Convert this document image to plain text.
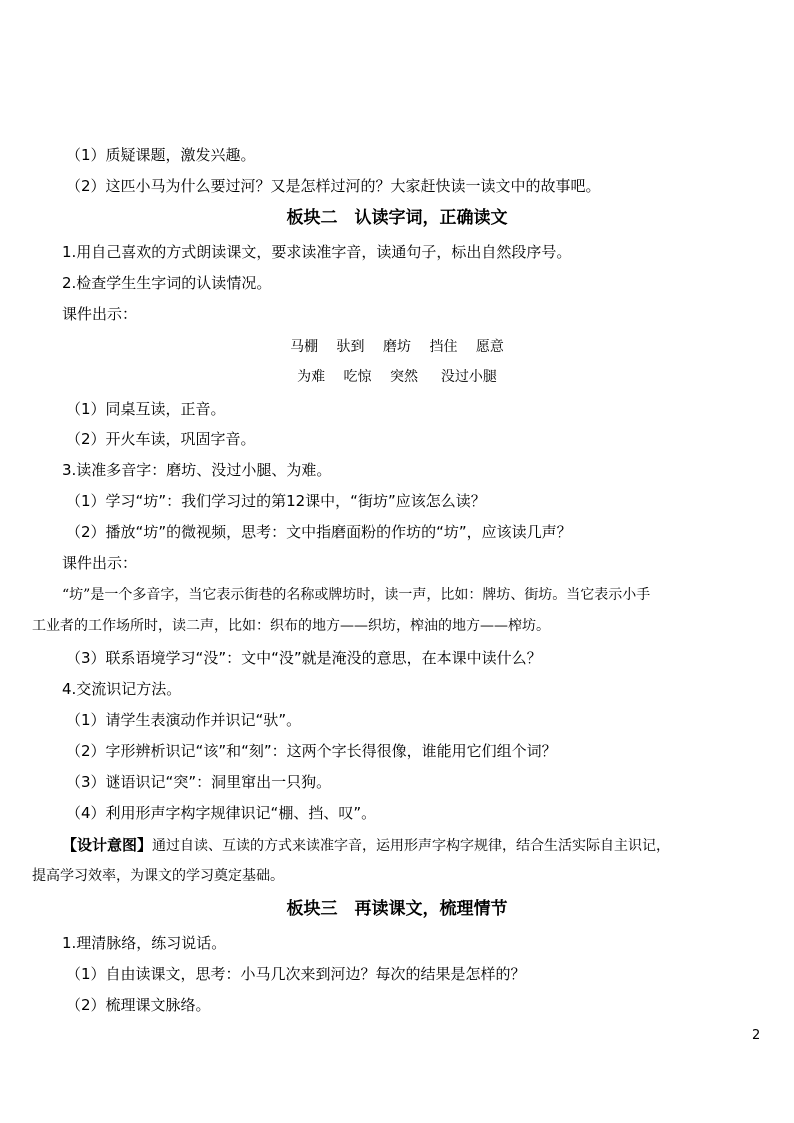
（1）质疑课题，激发兴趣。
（2）这匹小马为什么要过河？又是怎样过河的？大家赶快读一读文中的故事吧。
板块二　认读字词，正确读文
1.用自己喜欢的方式朗读课文，要求读准字音，读通句子，标出自然段序号。
2.检查学生生字词的认读情况。
课件出示：
马棚　 驮到　 磨坊　 挡住　 愿意
为难　 吃惊　 突然　  没过小腿
（1）同桌互读，正音。
（2）开火车读，巩固字音。
3.读准多音字：磨坊、没过小腿、为难。
（1）学习“坊”：我们学习过的第12课中，“街坊”应该怎么读？
（2）播放“坊”的微视频，思考：文中指磨面粉的作坊的“坊”，应该读几声？
课件出示：
“坊”是一个多音字，当它表示街巷的名称或牌坊时，读一声，比如：牌坊、街坊。当它表示小手
工业者的工作场所时，读二声，比如：织布的地方——织坊，榨油的地方——榨坊。
（3）联系语境学习“没”：文中“没”就是淹没的意思，在本课中读什么？
4.交流识记方法。
（1）请学生表演动作并识记“驮”。
（2）字形辨析识记“该”和“刻”：这两个字长得很像，谁能用它们组个词？
（3）谜语识记“突”：洞里窜出一只狗。
（4）利用形声字构字规律识记“棚、挡、叹”。
【设计意图】通过自读、互读的方式来读准字音，运用形声字构字规律，结合生活实际自主识记，
提高学习效率，为课文的学习奠定基础。
板块三　再读课文，梳理情节
1.理清脉络，练习说话。
（1）自由读课文，思考：小马几次来到河边？每次的结果是怎样的？
（2）梳理课文脉络。
2
